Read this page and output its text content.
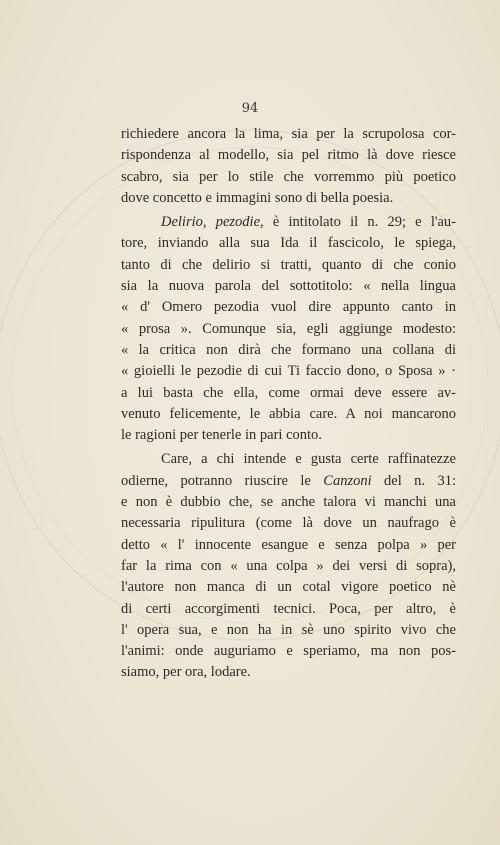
94
richiedere ancora la lima, sia per la scrupolosa cor-
rispondenza al modello, sia pel ritmo là dove riesce
scabro, sia per lo stile che vorremmo più poetico
dove concetto e immagini sono di bella poesia.
Delirio, pezodie, è intitolato il n. 29; e l'au-
tore, inviando alla sua Ida il fascicolo, le spiega,
tanto di che delirio si tratti, quanto di che conio
sia la nuova parola del sottotitolo: « nella lingua
« d' Omero pezodia vuol dire appunto canto in
« prosa ». Comunque sia, egli aggiunge modesto:
« la critica non dirà che formano una collana di
« gioielli le pezodie di cui Ti faccio dono, o Sposa » ·
a lui basta che ella, come ormai deve essere av-
venuto felicemente, le abbia care. A noi mancarono
le ragioni per tenerle in pari conto.
Care, a chi intende e gusta certe raffinatezze
odierne, potranno riuscire le Canzoni del n. 31:
e non è dubbio che, se anche talora vi manchi una
necessaria ripulitura (come là dove un naufrago è
detto « l' innocente esangue e senza polpa » per
far la rima con « una colpa » dei versi di sopra),
l'autore non manca di un cotal vigore poetico nè
di certi accorgimenti tecnici. Poca, per altro, è
l' opera sua, e non ha in sè uno spirito vivo che
l'animi: onde auguriamo e speriamo, ma non pos-
siamo, per ora, lodare.
